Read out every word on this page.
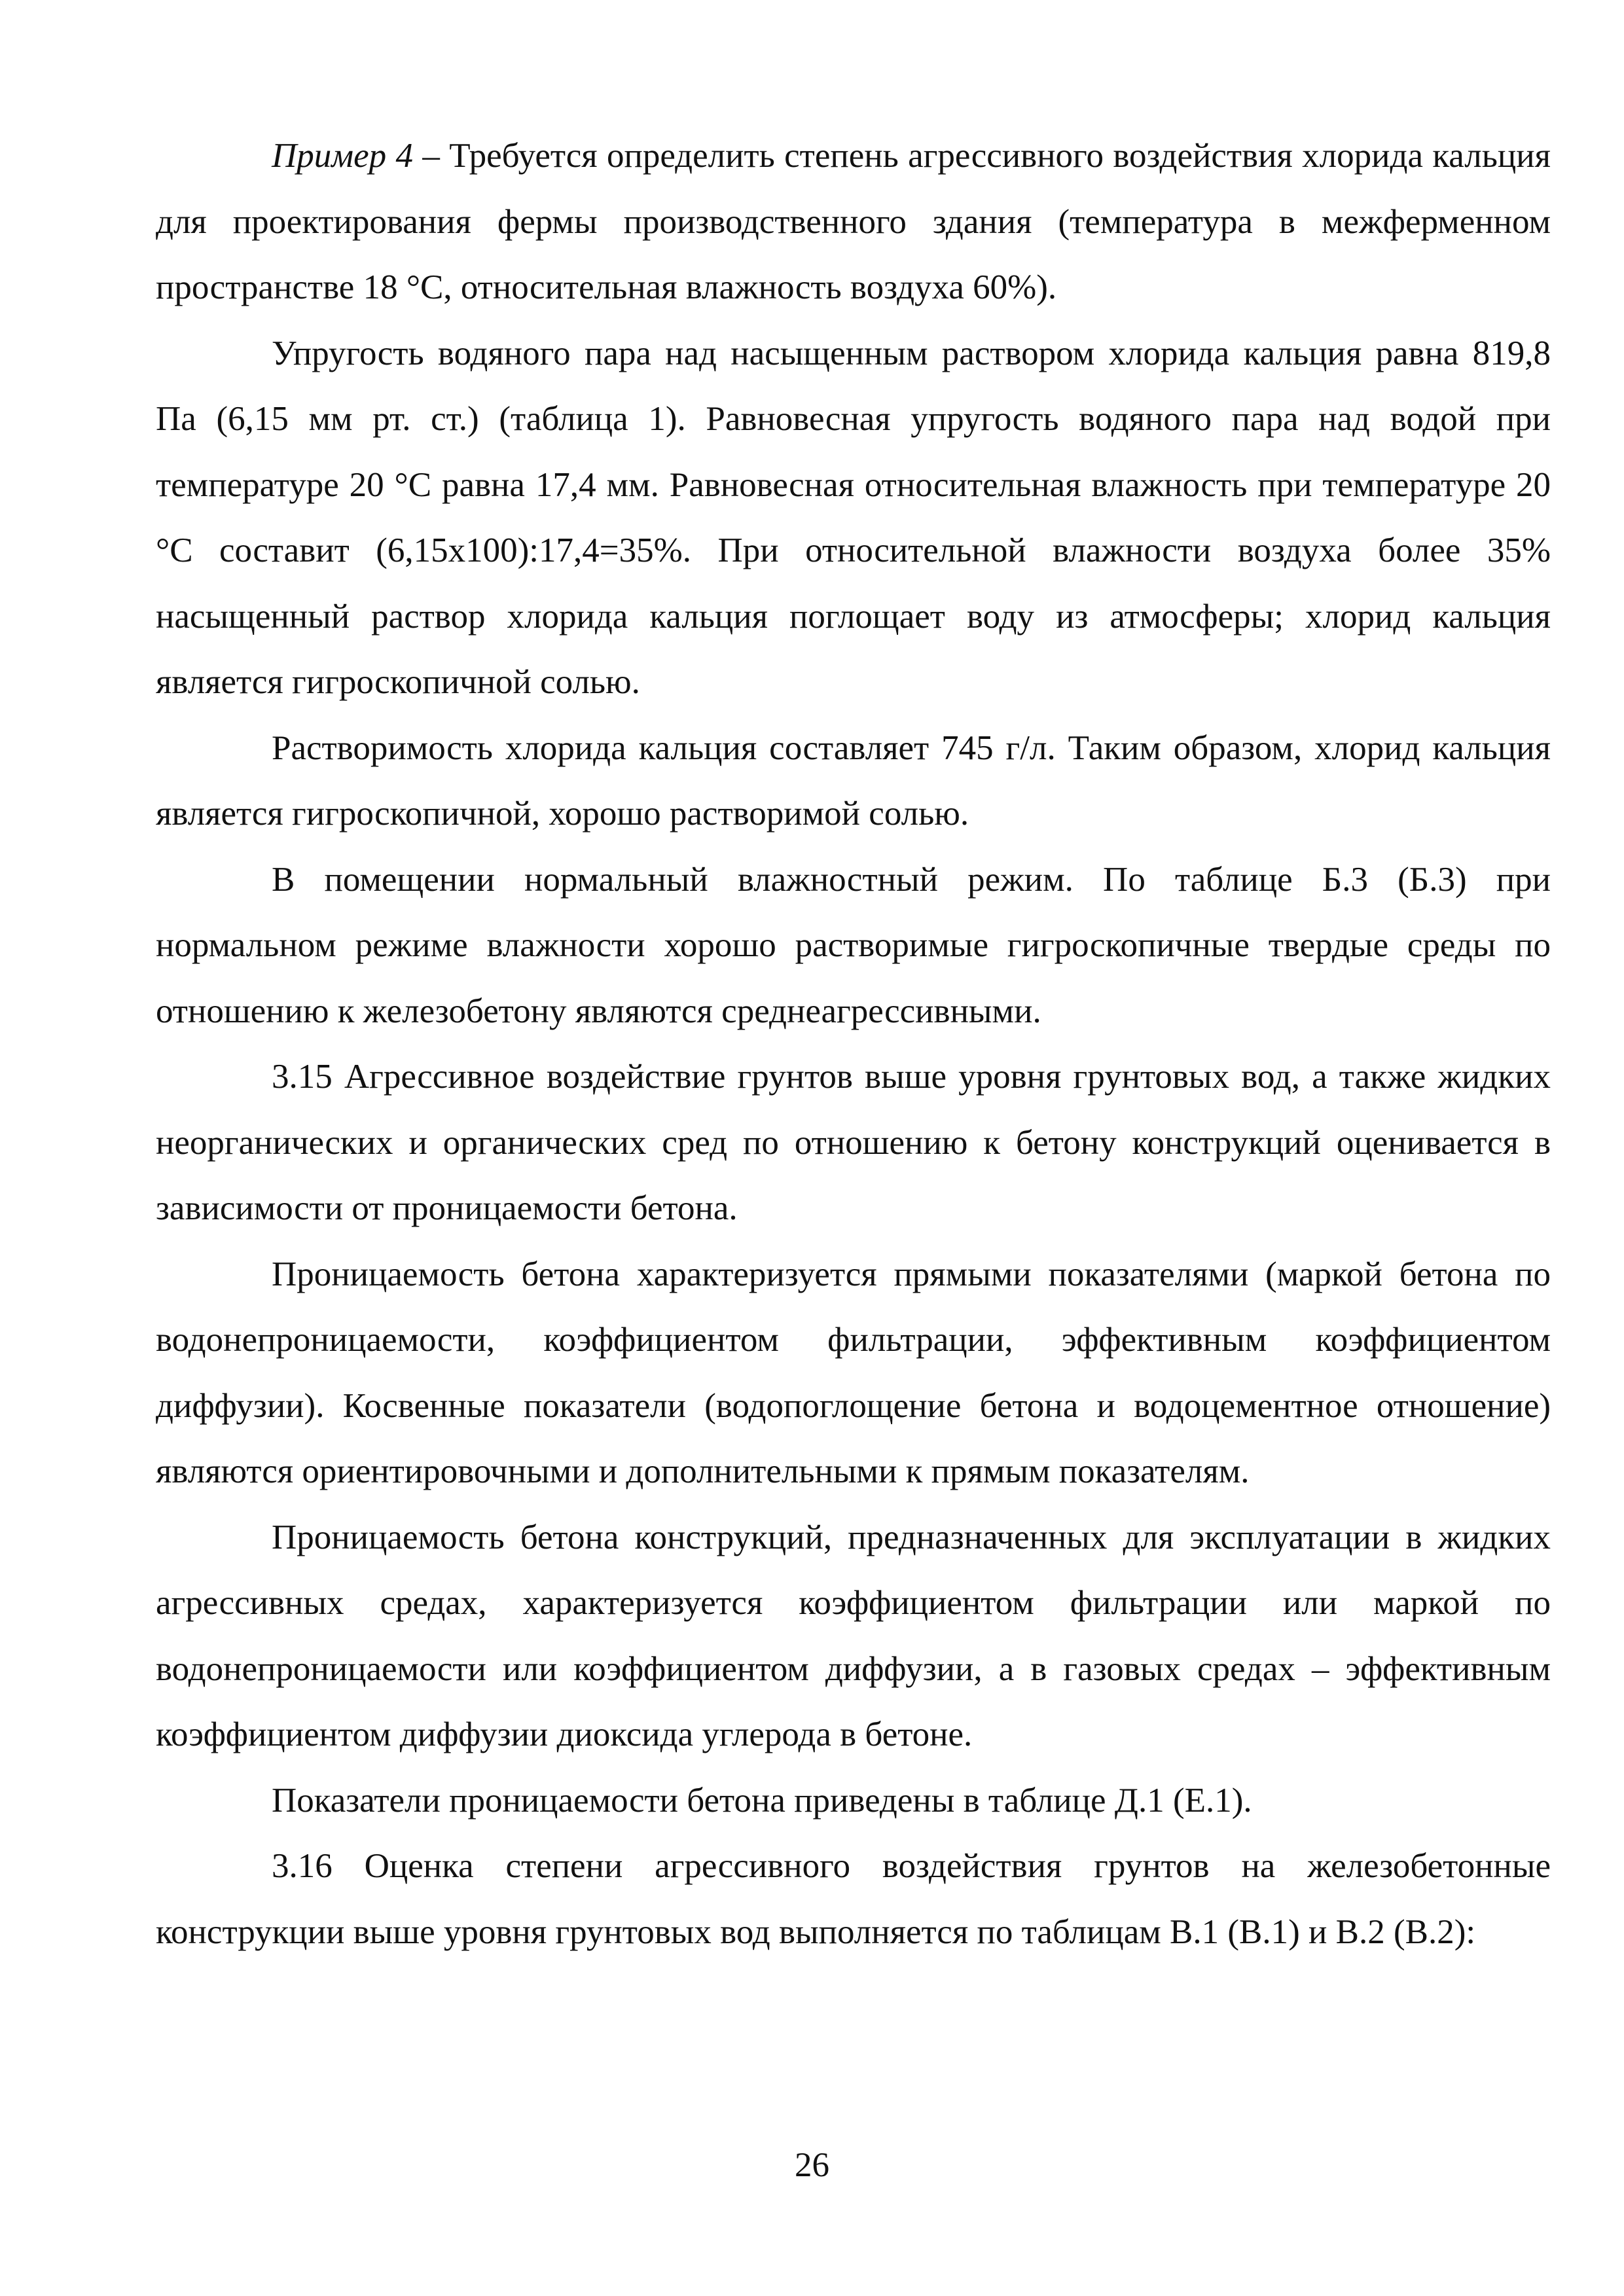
Пример 4 – Требуется определить степень агрессивного воздействия хлорида кальция для проектирования фермы производственного здания (температура в межферменном пространстве 18 °С, относительная влажность воздуха 60%).

Упругость водяного пара над насыщенным раствором хлорида кальция равна 819,8 Па (6,15 мм рт. ст.) (таблица 1). Равновесная упругость водяного пара над водой при температуре 20 °С равна 17,4 мм. Равновесная относительная влажность при температуре 20 °С составит (6,15х100):17,4=35%. При относительной влажности воздуха более 35% насыщенный раствор хлорида кальция поглощает воду из атмосферы; хлорид кальция является гигроскопичной солью.

Растворимость хлорида кальция составляет 745 г/л. Таким образом, хлорид кальция является гигроскопичной, хорошо растворимой солью.

В помещении нормальный влажностный режим. По таблице Б.3 (Б.3) при нормальном режиме влажности хорошо растворимые гигроскопичные твердые среды по отношению к железобетону являются среднеагрессивными.

3.15 Агрессивное воздействие грунтов выше уровня грунтовых вод, а также жидких неорганических и органических сред по отношению к бетону конструкций оценивается в зависимости от проницаемости бетона.

Проницаемость бетона характеризуется прямыми показателями (маркой бетона по водонепроницаемости, коэффициентом фильтрации, эффективным коэффициентом диффузии). Косвенные показатели (водопоглощение бетона и водоцементное отношение) являются ориентировочными и дополнительными к прямым показателям.

Проницаемость бетона конструкций, предназначенных для эксплуатации в жидких агрессивных средах, характеризуется коэффициентом фильтрации или маркой по водонепроницаемости или коэффициентом диффузии, а в газовых средах – эффективным коэффициентом диффузии диоксида углерода в бетоне.

Показатели проницаемости бетона приведены в таблице Д.1 (Е.1).

3.16 Оценка степени агрессивного воздействия грунтов на железобетонные конструкции выше уровня грунтовых вод выполняется по таблицам В.1 (В.1) и В.2 (В.2):

26
